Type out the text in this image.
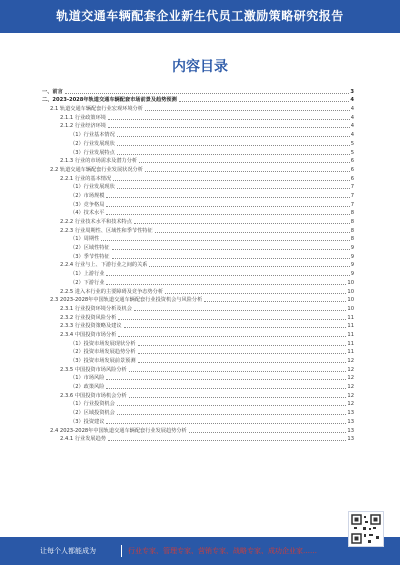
轨道交通车辆配套企业新生代员工激励策略研究报告
内容目录
一、前言	3
二、2023-2028年轨道交通车辆配套市场前景及趋势预测	4
2.1 轨道交通车辆配套行业宏观环境分析	4
2.1.1 行业政策环境	4
2.1.2 行业经济环境	4
（1）行业基本情况	4
（2）行业发展现状	5
（3）行业发展特点	5
2.1.3 行业的市场需求及潜力分析	6
2.2 轨道交通车辆配套行业发展状况分析	6
2.2.1 行业的基本情况	6
（1）行业发展现状	7
（2）市场规模	7
（3）竞争格局	7
（4）技术水平	8
2.2.2 行业技术水平和技术特点	8
2.2.3 行业周期性、区域性和季节性特征	8
（1）周期性	8
（2）区域性特征	9
（3）季节性特征	9
2.2.4 行业与上、下游行业之间的关系	9
（1）上游行业	9
（2）下游行业	10
2.2.5 进入本行业的主要障碍及竞争态势分析	10
2.3 2023-2028年中国轨道交通车辆配套行业投资机会与风险分析	10
2.3.1 行业投资环境分析及机会	10
2.3.2 行业投资风险分析	11
2.3.3 行业投资策略及建议	11
2.3.4 中国投资市场分析	11
（1）投资市场发展现状分析	11
（2）投资市场发展趋势分析	11
（3）投资市场发展前景预测	12
2.3.5 中国投资市场风险分析	12
（1）市场风险	12
（2）政策风险	12
2.3.6 中国投资市场机会分析	12
（1）行业投资机会	12
（2）区域投资机会	13
（3）投资建议	13
2.4 2023-2028年中国轨道交通车辆配套行业发展趋势分析	13
2.4.1 行业发展趋势	13
让每个人都能成为	行业专家、管理专家、营销专家、战略专家、成功企业家……
